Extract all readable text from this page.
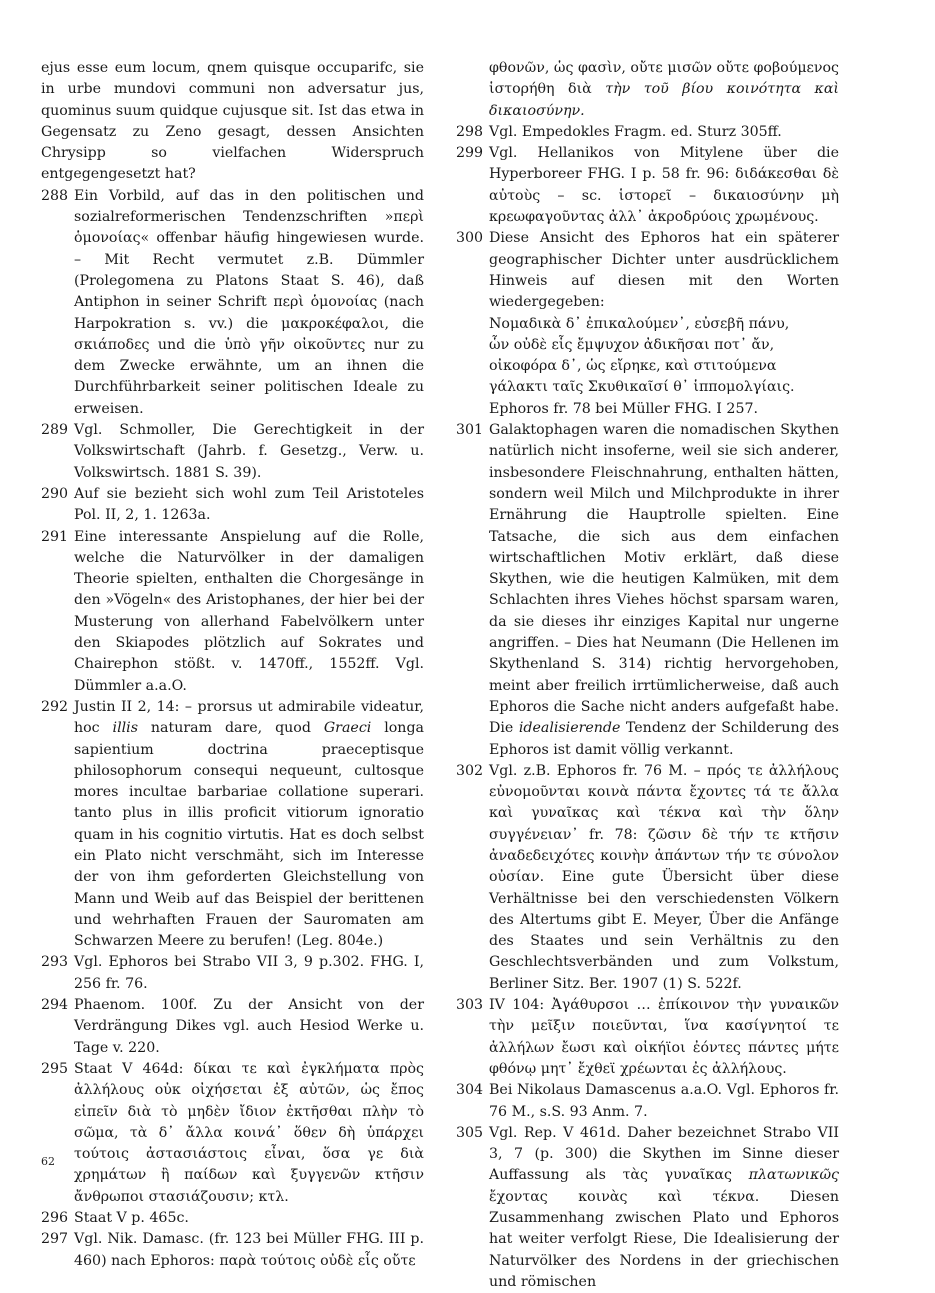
ejus esse eum locum, qnem quisque occuparifc, sie in urbe mundovi communi non adversatur jus, quominus suum quidque cujusque sit. Ist das etwa in Gegensatz zu Zeno gesagt, dessen Ansichten Chrysipp so vielfachen Widerspruch entgegengesetzt hat?

288 Ein Vorbild, auf das in den politischen und sozialreformerischen Tendenzschriften »περὶ ὁμονοίας« offenbar häufig hingewiesen wurde. – Mit Recht vermutet z.B. Dümmler (Prolegomena zu Platons Staat S. 46), daß Antiphon in seiner Schrift περὶ ὁμονοίας (nach Harpokration s. vv.) die μακροκέφαλοι, die σκιάποδες und die ὑπὸ γῆν οἰκοῦντες nur zu dem Zwecke erwähnte, um an ihnen die Durchführbarkeit seiner politischen Ideale zu erweisen.

289 Vgl. Schmoller, Die Gerechtigkeit in der Volkswirtschaft (Jahrb. f. Gesetzg., Verw. u. Volkswirtsch. 1881 S. 39).

290 Auf sie bezieht sich wohl zum Teil Aristoteles Pol. II, 2, 1. 1263a.

291 Eine interessante Anspielung auf die Rolle, welche die Naturvölker in der damaligen Theorie spielten, enthalten die Chorgesänge in den »Vögeln« des Aristophanes, der hier bei der Musterung von allerhand Fabelvölkern unter den Skiapodes plötzlich auf Sokrates und Chairephon stößt. v. 1470ff., 1552ff. Vgl. Dümmler a.a.O.

292 Justin II 2, 14: – prorsus ut admirabile videatur, hoc illis naturam dare, quod Graeci longa sapientium doctrina praeceptisque philosophorum consequi nequeunt, cultosque mores incultae barbariae collatione superari. tanto plus in illis proficit vitiorum ignoratio quam in his cognitio virtutis. Hat es doch selbst ein Plato nicht verschmäht, sich im Interesse der von ihm geforderten Gleichstellung von Mann und Weib auf das Beispiel der berittenen und wehrhaften Frauen der Sauromaten am Schwarzen Meere zu berufen! (Leg. 804e.)

293 Vgl. Ephoros bei Strabo VII 3, 9 p.302. FHG. I, 256 fr. 76.

294 Phaenom. 100f. Zu der Ansicht von der Verdrängung Dikes vgl. auch Hesiod Werke u. Tage v. 220.

295 Staat V 464d: δίκαι τε καὶ ἐγκλήματα πρὸς ἀλλήλους οὐκ οἰχήσεται ἐξ αὐτῶν, ὡς ἔπος εἰπεῖν διὰ τὸ μηδὲν ἴδιον ἐκτῆσθαι πλὴν τὸ σῶμα, τὰ δ᾽ ἄλλα κοινά᾽ ὅθεν δὴ ὑπάρχει τούτοις ἀστασιάστοις εἶναι, ὅσα γε διὰ χρημάτων ἢ παίδων καὶ ξυγγενῶν κτῆσιν ἄνθρωποι στασιάζουσιν; κτλ.

296 Staat V p. 465c.

297 Vgl. Nik. Damasc. (fr. 123 bei Müller FHG. III p. 460) nach Ephoros: παρὰ τούτοις οὐδὲ εἷς οὔτε

φθονῶν, ὡς φασὶν, οὔτε μισῶν οὔτε φοβούμενος ἱστορήθη διὰ τὴν τοῦ βίου κοινότητα καὶ δικαιοσύνην.

298 Vgl. Empedokles Fragm. ed. Sturz 305ff.

299 Vgl. Hellanikos von Mitylene über die Hyperboreer FHG. I p. 58 fr. 96: διδάκεσθαι δὲ αὐτοὺς – sc. ἱστορεῖ – δικαιοσύνην μὴ κρεωφαγοῦντας ἀλλ᾽ ἀκροδρύοις χρωμένους.

300 Diese Ansicht des Ephoros hat ein späterer geographischer Dichter unter ausdrücklichem Hinweis auf diesen mit den Worten wiedergegeben:

Νομαδικὰ δ᾽ ἐπικαλούμεν᾽, εὐσεβῆ πάνυ,
ὧν οὐδὲ εἷς ἔμψυχον ἀδικῆσαι ποτ᾽ ἄν,
οἰκοφόρα δ᾽, ὡς εἴρηκε, καὶ στιτούμενα
γάλακτι ταῖς Σκυθικαῖσί θ᾽ ἱππομολγίαις.
Ephoros fr. 78 bei Müller FHG. I 257.

301 Galaktophagen waren die nomadischen Skythen natürlich nicht insoferne, weil sie sich anderer, insbesondere Fleischnahrung, enthalten hätten, sondern weil Milch und Milchprodukte in ihrer Ernährung die Hauptrolle spielten. Eine Tatsache, die sich aus dem einfachen wirtschaftlichen Motiv erklärt, daß diese Skythen, wie die heutigen Kalmüken, mit dem Schlachten ihres Viehes höchst sparsam waren, da sie dieses ihr einziges Kapital nur ungerne angriffen. – Dies hat Neumann (Die Hellenen im Skythenland S. 314) richtig hervorgehoben, meint aber freilich irrtümlicherweise, daß auch Ephoros die Sache nicht anders aufgefaßt habe. Die idealisierende Tendenz der Schilderung des Ephoros ist damit völlig verkannt.

302 Vgl. z.B. Ephoros fr. 76 M. – πρός τε ἀλλήλους εὐνομοῦνται κοινὰ πάντα ἔχοντες τά τε ἄλλα καὶ γυναῖκας καὶ τέκνα καὶ τὴν ὅλην συγγένειαν᾽ fr. 78: ζῶσιν δὲ τήν τε κτῆσιν ἀναδεδειχότες κοινὴν ἁπάντων τήν τε σύνολον οὐσίαν. Eine gute Übersicht über diese Verhältnisse bei den verschiedensten Völkern des Altertums gibt E. Meyer, Über die Anfänge des Staates und sein Verhältnis zu den Geschlechtsverbänden und zum Volkstum, Berliner Sitz. Ber. 1907 (1) S. 522f.

303 IV 104: Ἀγάθυρσοι … ἐπίκοινον τὴν γυναικῶν τὴν μεῖξιν ποιεῦνται, ἵνα κασίγνητοί τε ἀλλήλων ἔωσι καὶ οἰκήϊοι ἐόντες πάντες μήτε φθόνῳ μητ᾽ ἔχθεϊ χρέωνται ἐς ἀλλήλους.

304 Bei Nikolaus Damascenus a.a.O. Vgl. Ephoros fr. 76 M., s.S. 93 Anm. 7.

305 Vgl. Rep. V 461d. Daher bezeichnet Strabo VII 3, 7 (p. 300) die Skythen im Sinne dieser Auffassung als τὰς γυναῖκας πλατωνικῶς ἔχοντας κοινὰς καὶ τέκνα. Diesen Zusammenhang zwischen Plato und Ephoros hat weiter verfolgt Riese, Die Idealisierung der Naturvölker des Nordens in der griechischen und römischen

62
